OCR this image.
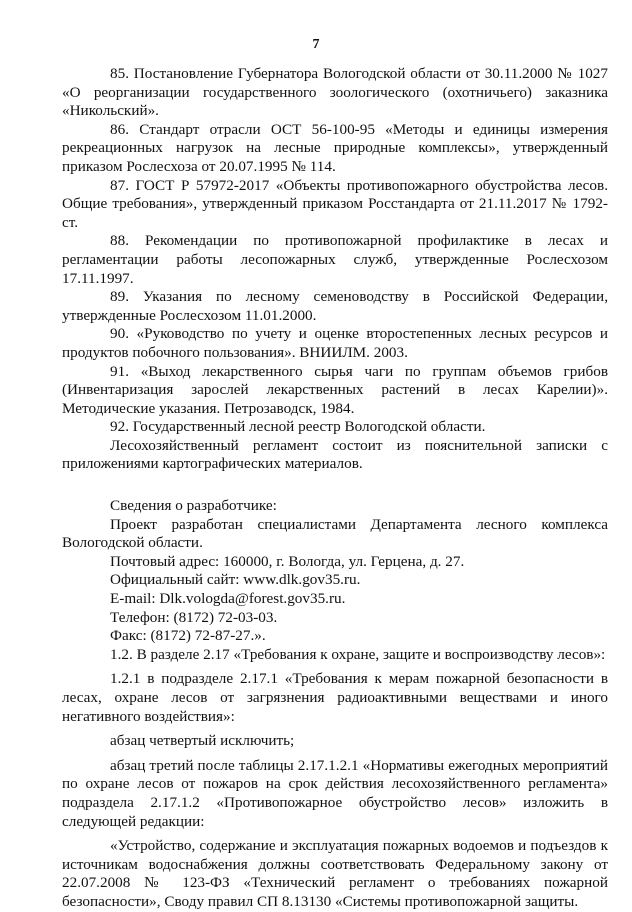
7

85. Постановление Губернатора Вологодской области от 30.11.2000 № 1027 «О реорганизации государственного зоологического (охотничьего) заказника «Никольский».

86. Стандарт отрасли ОСТ 56-100-95 «Методы и единицы измерения рекреационных нагрузок на лесные природные комплексы», утвержденный приказом Рослесхоза от 20.07.1995 № 114.

87. ГОСТ Р 57972-2017 «Объекты противопожарного обустройства лесов. Общие требования», утвержденный приказом Росстандарта от 21.11.2017 № 1792-ст.

88. Рекомендации по противопожарной профилактике в лесах и регламентации работы лесопожарных служб, утвержденные Рослесхозом 17.11.1997.

89. Указания по лесному семеноводству в Российской Федерации, утвержденные Рослесхозом 11.01.2000.

90. «Руководство по учету и оценке второстепенных лесных ресурсов и продуктов побочного пользования». ВНИИЛМ. 2003.

91. «Выход лекарственного сырья чаги по группам объемов грибов (Инвентаризация зарослей лекарственных растений в лесах Карелии)». Методические указания. Петрозаводск, 1984.

92. Государственный лесной реестр Вологодской области.

Лесохозяйственный регламент состоит из пояснительной записки с приложениями картографических материалов.

Сведения о разработчике:

Проект разработан специалистами Департамента лесного комплекса Вологодской области.

Почтовый адрес: 160000, г. Вологда, ул. Герцена, д. 27.

Официальный сайт: www.dlk.gov35.ru.

E-mail: Dlk.vologda@forest.gov35.ru.

Телефон: (8172) 72-03-03.

Факс: (8172) 72-87-27.».

1.2. В разделе 2.17 «Требования к охране, защите и воспроизводству лесов»:

1.2.1 в подразделе 2.17.1 «Требования к мерам пожарной безопасности в лесах, охране лесов от загрязнения радиоактивными веществами и иного негативного воздействия»:

абзац четвертый исключить;

абзац третий после таблицы 2.17.1.2.1 «Нормативы ежегодных мероприятий по охране лесов от пожаров на срок действия лесохозяйственного регламента» подраздела 2.17.1.2 «Противопожарное обустройство лесов» изложить в следующей редакции:

«Устройство, содержание и эксплуатация пожарных водоемов и подъездов к источникам водоснабжения должны соответствовать Федеральному закону от 22.07.2008 № 123-ФЗ «Технический регламент о требованиях пожарной безопасности», Своду правил СП 8.13130 «Системы противопожарной защиты.
